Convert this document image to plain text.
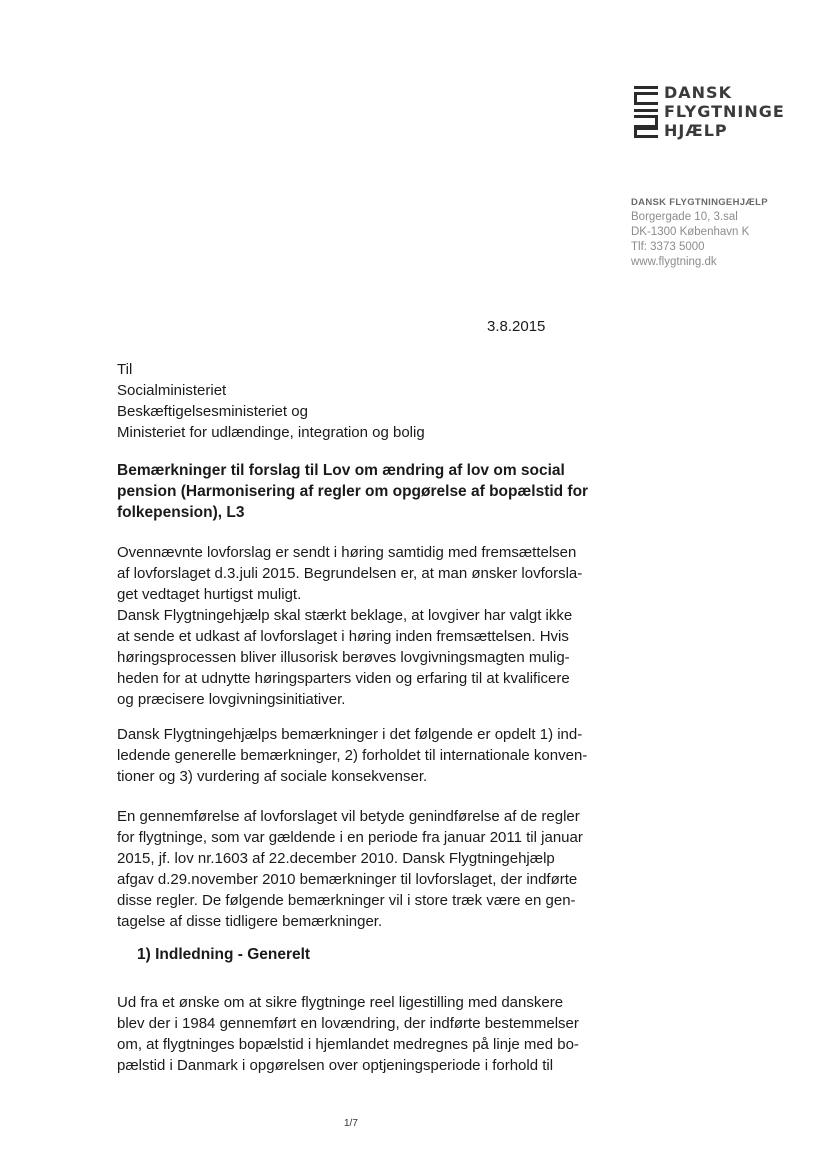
DANSK
FLYGTNINGE
HJÆLP
DANSK FLYGTNINGEHJÆLP
Borgergade 10, 3.sal
DK-1300 København K
Tlf: 3373 5000
www.flygtning.dk
3.8.2015
Til
Socialministeriet
Beskæftigelsesministeriet og
Ministeriet for udlændinge, integration og bolig
Bemærkninger til forslag til Lov om ændring af lov om social
pension (Harmonisering af regler om opgørelse af bopælstid for
folkepension), L3
Ovennævnte lovforslag er sendt i høring samtidig med fremsættelsen
af lovforslaget d.3.juli 2015. Begrundelsen er, at man ønsker lovforsla-
get vedtaget hurtigst muligt.
Dansk Flygtningehjælp skal stærkt beklage, at lovgiver har valgt ikke
at sende et udkast af lovforslaget i høring inden fremsættelsen. Hvis
høringsprocessen bliver illusorisk berøves lovgivningsmagten mulig-
heden for at udnytte høringsparters viden og erfaring til at kvalificere
og præcisere lovgivningsinitiativer.
Dansk Flygtningehjælps bemærkninger i det følgende er opdelt 1) ind-
ledende generelle bemærkninger, 2) forholdet til internationale konven-
tioner og 3) vurdering af sociale konsekvenser.
En gennemførelse af lovforslaget vil betyde genindførelse af de regler
for flygtninge, som var gældende i en periode fra januar 2011 til januar
2015, jf. lov nr.1603 af 22.december 2010. Dansk Flygtningehjælp
afgav d.29.november 2010 bemærkninger til lovforslaget, der indførte
disse regler. De følgende bemærkninger vil i store træk være en gen-
tagelse af disse tidligere bemærkninger.
1) Indledning - Generelt
Ud fra et ønske om at sikre flygtninge reel ligestilling med danskere
blev der i 1984 gennemført en lovændring, der indførte bestemmelser
om, at flygtninges bopælstid i hjemlandet medregnes på linje med bo-
pælstid i Danmark i opgørelsen over optjeningsperiode i forhold til
1/7
